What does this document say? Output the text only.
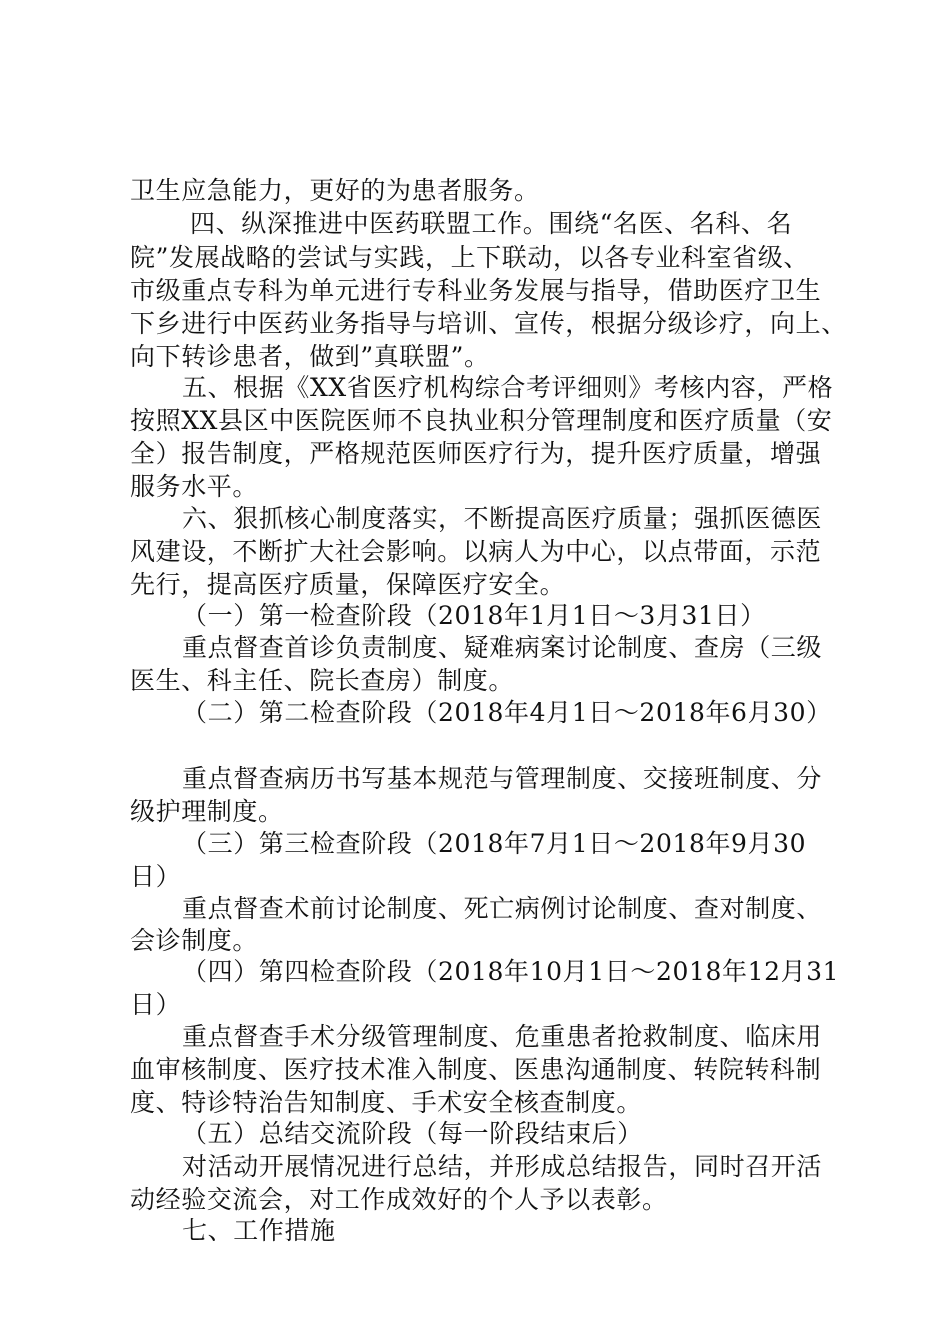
卫生应急能力，更好的为患者服务。
四、纵深推进中医药联盟工作。围绕“名医、名科、名
院”发展战略的尝试与实践，上下联动，以各专业科室省级、
市级重点专科为单元进行专科业务发展与指导，借助医疗卫生
下乡进行中医药业务指导与培训、宣传，根据分级诊疗，向上、
向下转诊患者，做到”真联盟”。
五、根据《XX省医疗机构综合考评细则》考核内容，严格
按照XX县区中医院医师不良执业积分管理制度和医疗质量（安
全）报告制度，严格规范医师医疗行为，提升医疗质量，增强
服务水平。
六、狠抓核心制度落实，不断提高医疗质量；强抓医德医
风建设，不断扩大社会影响。以病人为中心，以点带面，示范
先行，提高医疗质量，保障医疗安全。
（一）第一检查阶段（2018年1月1日～3月31日）
重点督查首诊负责制度、疑难病案讨论制度、查房（三级
医生、科主任、院长查房）制度。
（二）第二检查阶段（2018年4月1日～2018年6月30）
重点督查病历书写基本规范与管理制度、交接班制度、分
级护理制度。
（三）第三检查阶段（2018年7月1日～2018年9月30
日）
重点督查术前讨论制度、死亡病例讨论制度、查对制度、
会诊制度。
（四）第四检查阶段（2018年10月1日～2018年12月31
日）
重点督查手术分级管理制度、危重患者抢救制度、临床用
血审核制度、医疗技术准入制度、医患沟通制度、转院转科制
度、特诊特治告知制度、手术安全核查制度。
（五）总结交流阶段（每一阶段结束后）
对活动开展情况进行总结，并形成总结报告，同时召开活
动经验交流会，对工作成效好的个人予以表彰。
七、工作措施
